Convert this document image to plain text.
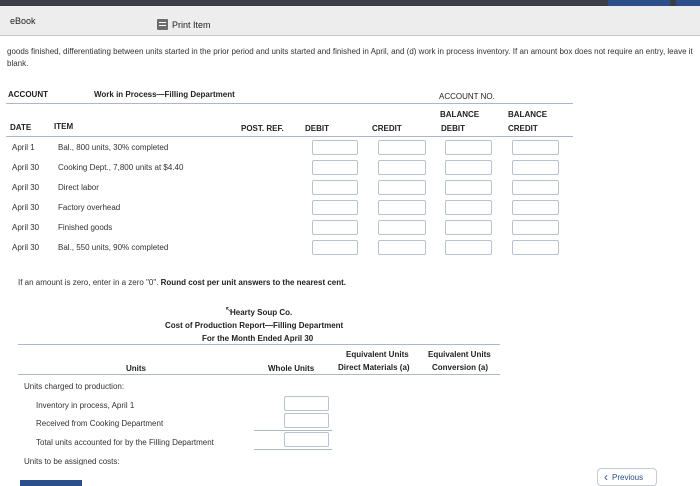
eBook	Print Item
goods finished, differentiating between units started in the prior period and units started and finished in April, and (d) work in process inventory. If an amount box does not require an entry, leave it blank.
ACCOUNT	Work in Process—Filling Department	ACCOUNT NO.
DATE	ITEM	POST. REF.	DEBIT	CREDIT
BALANCE
DEBIT
BALANCE
CREDIT
April 1	Bal., 800 units, 30% completed
April 30 Cooking Dept., 7,800 units at $4.40
April 30 Direct labor
April 30 Factory overhead
April 30 Finished goods
April 30 Bal., 550 units, 90% completed
If an amount is zero, enter in a zero "0". Round cost per unit answers to the nearest cent.
↖
Hearty Soup Co.
Cost of Production Report—Filling Department
For the Month Ended April 30
Units	Whole Units
Equivalent Units
Direct Materials (a)
Equivalent Units
Conversion (a)
Units charged to production:
Inventory in process, April 1
Received from Cooking Department
Total units accounted for by the Filling Department
Units to be assigned costs:
‹ Previous
